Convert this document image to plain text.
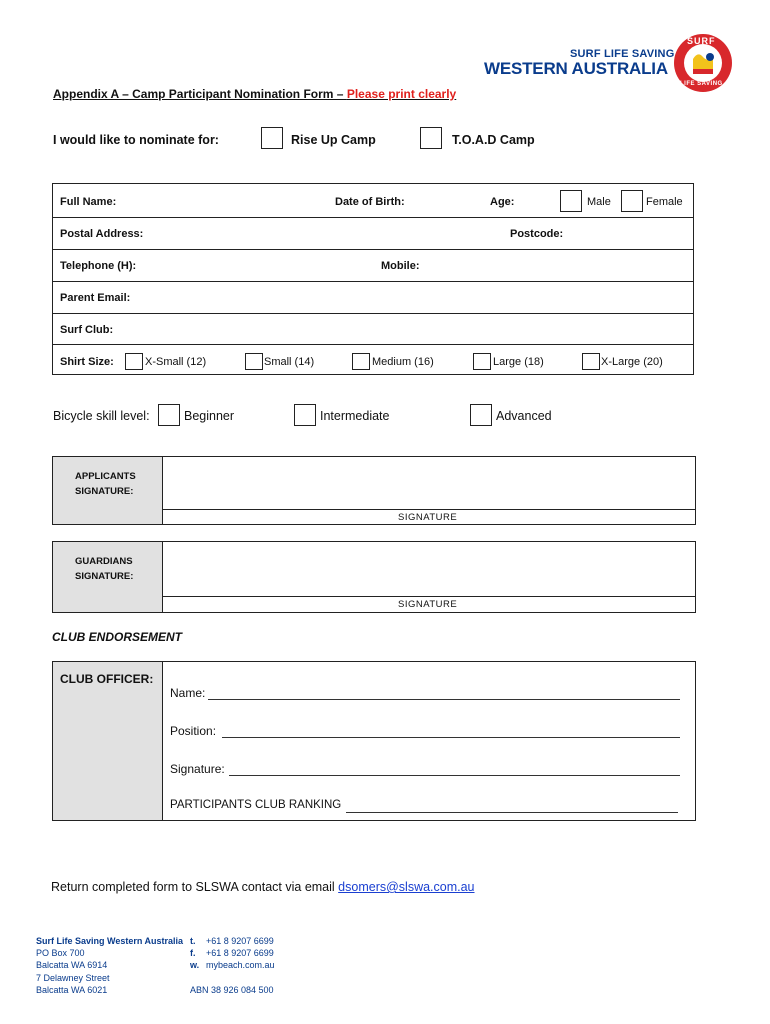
SURF LIFE SAVING
WESTERN AUSTRALIA
SURF
LIFE SAVING
Appendix A – Camp Participant Nomination Form – Please print clearly
I would like to nominate for:	Rise Up Camp	T.O.A.D Camp
Full Name:	Date of Birth:	Age:	Male	Female
Postal Address:	Postcode:
Telephone (H):	Mobile:
Parent Email:
Surf Club:
Shirt Size:	X-Small (12)	Small (14)	Medium (16)	Large (18)	X-Large (20)
Bicycle skill level:	Beginner	Intermediate	Advanced
APPLICANTS
SIGNATURE:
SIGNATURE
GUARDIANS
SIGNATURE:
SIGNATURE
CLUB ENDORSEMENT
CLUB OFFICER:
Name:
Position:
Signature:
PARTICIPANTS CLUB RANKING
Return completed form to SLSWA contact via email dsomers@slswa.com.au
Surf Life Saving Western Australia
PO Box 700
Balcatta WA 6914
7 Delawney Street
Balcatta WA 6021
t. +61 8 9207 6699
f. +61 8 9207 6699
w. mybeach.com.au

ABN 38 926 084 500
